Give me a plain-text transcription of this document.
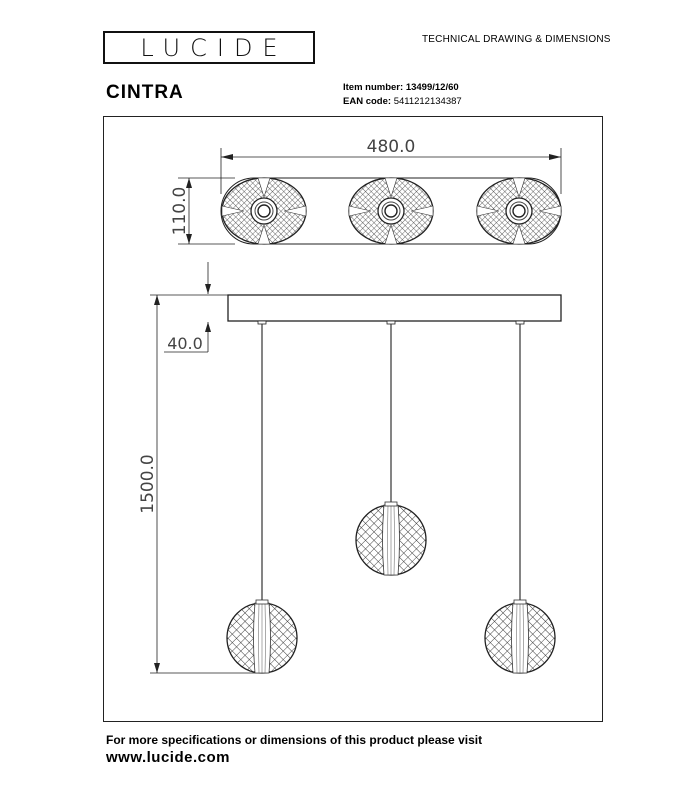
LUCIDE	TECHNICAL DRAWING & DIMENSIONS
CINTRA	Item number: 13499/12/60
EAN code: 5411212134387
480.0
110.0
40.0
1500.0
For more specifications or dimensions of this product please visit
www.lucide.com
